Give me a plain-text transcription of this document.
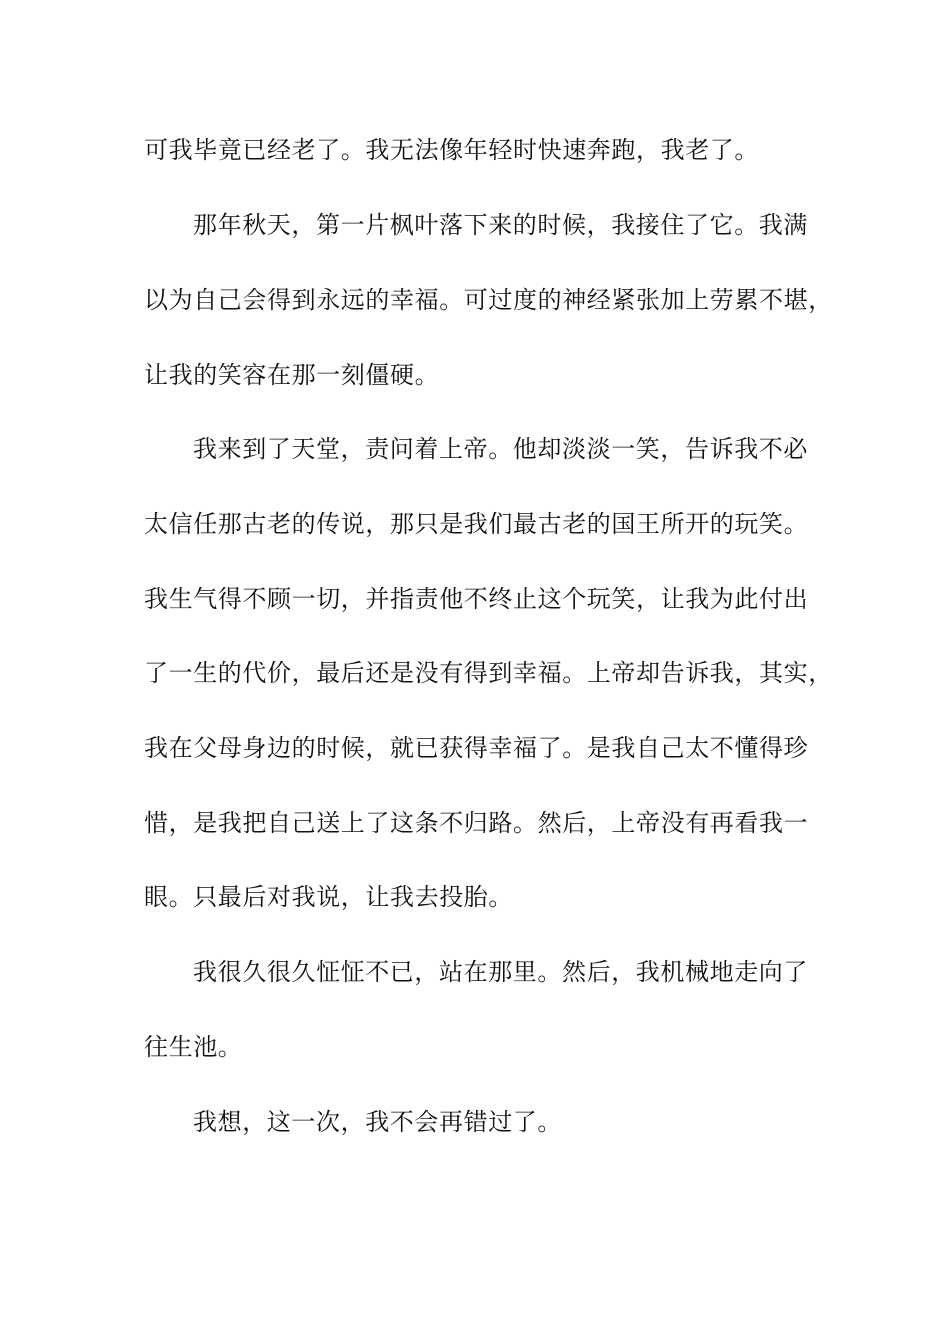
可我毕竟已经老了。我无法像年轻时快速奔跑，我老了。
那年秋天，第一片枫叶落下来的时候，我接住了它。我满
以为自己会得到永远的幸福。可过度的神经紧张加上劳累不堪，
让我的笑容在那一刻僵硬。
我来到了天堂，责问着上帝。他却淡淡一笑，告诉我不必
太信任那古老的传说，那只是我们最古老的国王所开的玩笑。
我生气得不顾一切，并指责他不终止这个玩笑，让我为此付出
了一生的代价，最后还是没有得到幸福。上帝却告诉我，其实，
我在父母身边的时候，就已获得幸福了。是我自己太不懂得珍
惜，是我把自己送上了这条不归路。然后，上帝没有再看我一
眼。只最后对我说，让我去投胎。
我很久很久怔怔不已，站在那里。然后，我机械地走向了
往生池。
我想，这一次，我不会再错过了。
